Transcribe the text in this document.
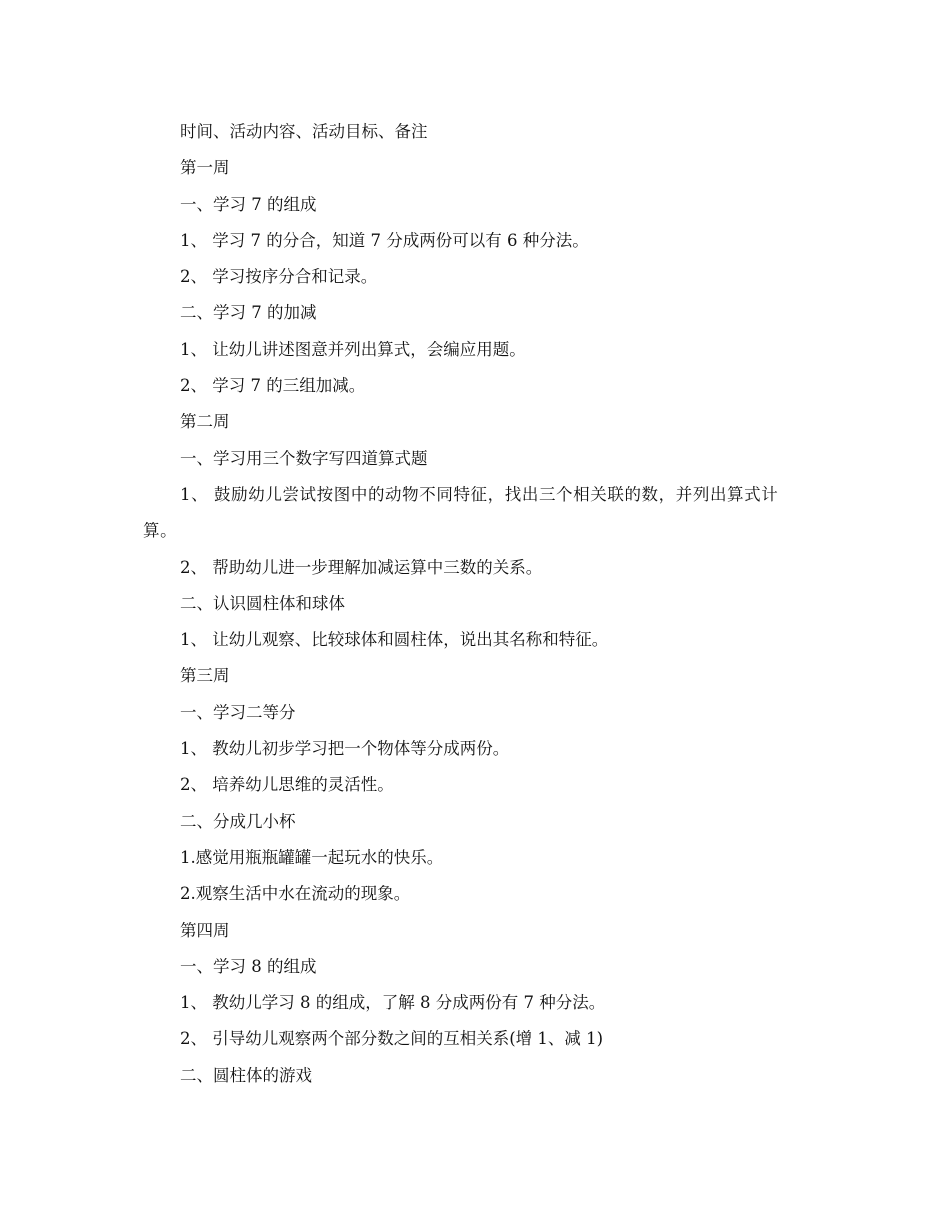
时间、活动内容、活动目标、备注

第一周

一、学习 7 的组成

1、 学习 7 的分合，知道 7 分成两份可以有 6 种分法。

2、 学习按序分合和记录。

二、学习 7 的加减

1、 让幼儿讲述图意并列出算式，会编应用题。

2、 学习 7 的三组加减。

第二周

一、学习用三个数字写四道算式题

1、 鼓励幼儿尝试按图中的动物不同特征，找出三个相关联的数，并列出算式计算。

2、 帮助幼儿进一步理解加减运算中三数的关系。

二、认识圆柱体和球体

1、 让幼儿观察、比较球体和圆柱体，说出其名称和特征。

第三周

一、学习二等分

1、 教幼儿初步学习把一个物体等分成两份。

2、 培养幼儿思维的灵活性。

二、分成几小杯

1.感觉用瓶瓶罐罐一起玩水的快乐。

2.观察生活中水在流动的现象。

第四周

一、学习 8 的组成

1、 教幼儿学习 8 的组成，了解 8 分成两份有 7 种分法。

2、 引导幼儿观察两个部分数之间的互相关系(增 1、减 1)

二、圆柱体的游戏
